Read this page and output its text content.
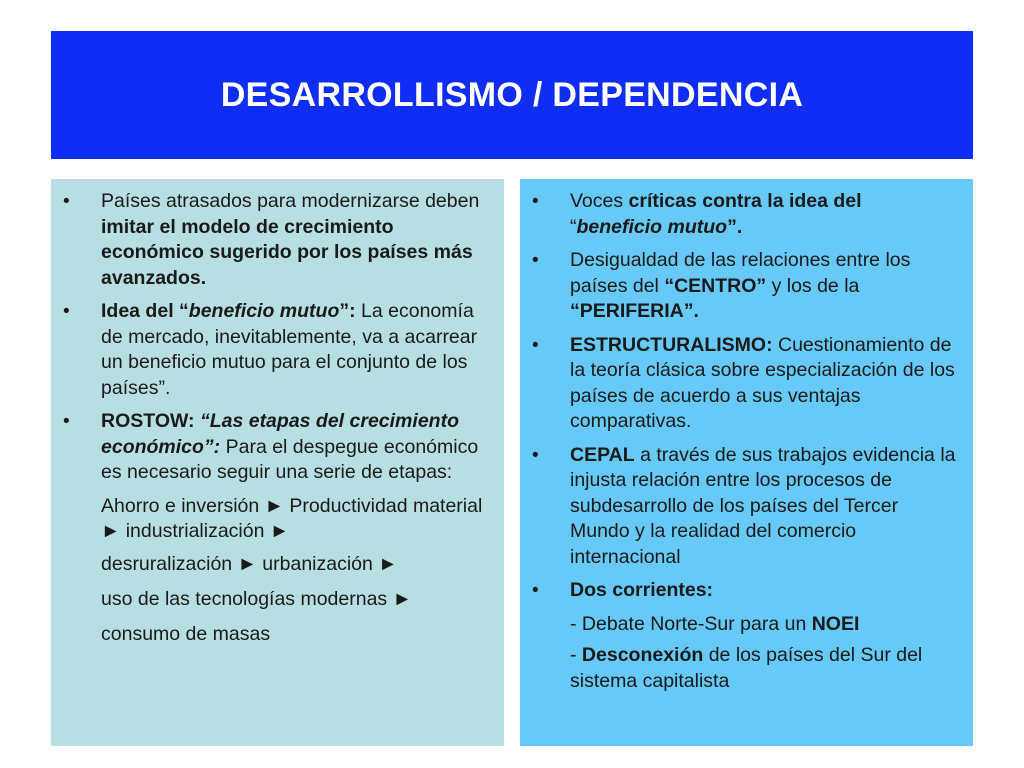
DESARROLLISMO / DEPENDENCIA
• Países atrasados para modernizarse deben imitar el modelo de crecimiento económico sugerido por los países más avanzados.
• Idea del “beneficio mutuo”: La economía de mercado, inevitablemente, va a acarrear un beneficio mutuo para el conjunto de los países”.
• ROSTOW: “Las etapas del crecimiento económico”: Para el despegue económico es necesario seguir una serie de etapas:
Ahorro e inversión ► Productividad material ► industrialización ►
desruralización ► urbanización ►
uso de las tecnologías modernas ►
consumo de masas
• Voces críticas contra la idea del “beneficio mutuo”.
• Desigualdad de las relaciones entre los países del “CENTRO” y los de la “PERIFERIA”.
• ESTRUCTURALISMO: Cuestionamiento de la teoría clásica sobre especialización de los países de acuerdo a sus ventajas comparativas.
• CEPAL a través de sus trabajos evidencia la injusta relación entre los procesos de subdesarrollo de los países del Tercer Mundo y la realidad del comercio internacional
• Dos corrientes:
- Debate Norte-Sur para un NOEI
- Desconexión de los países del Sur del sistema capitalista
